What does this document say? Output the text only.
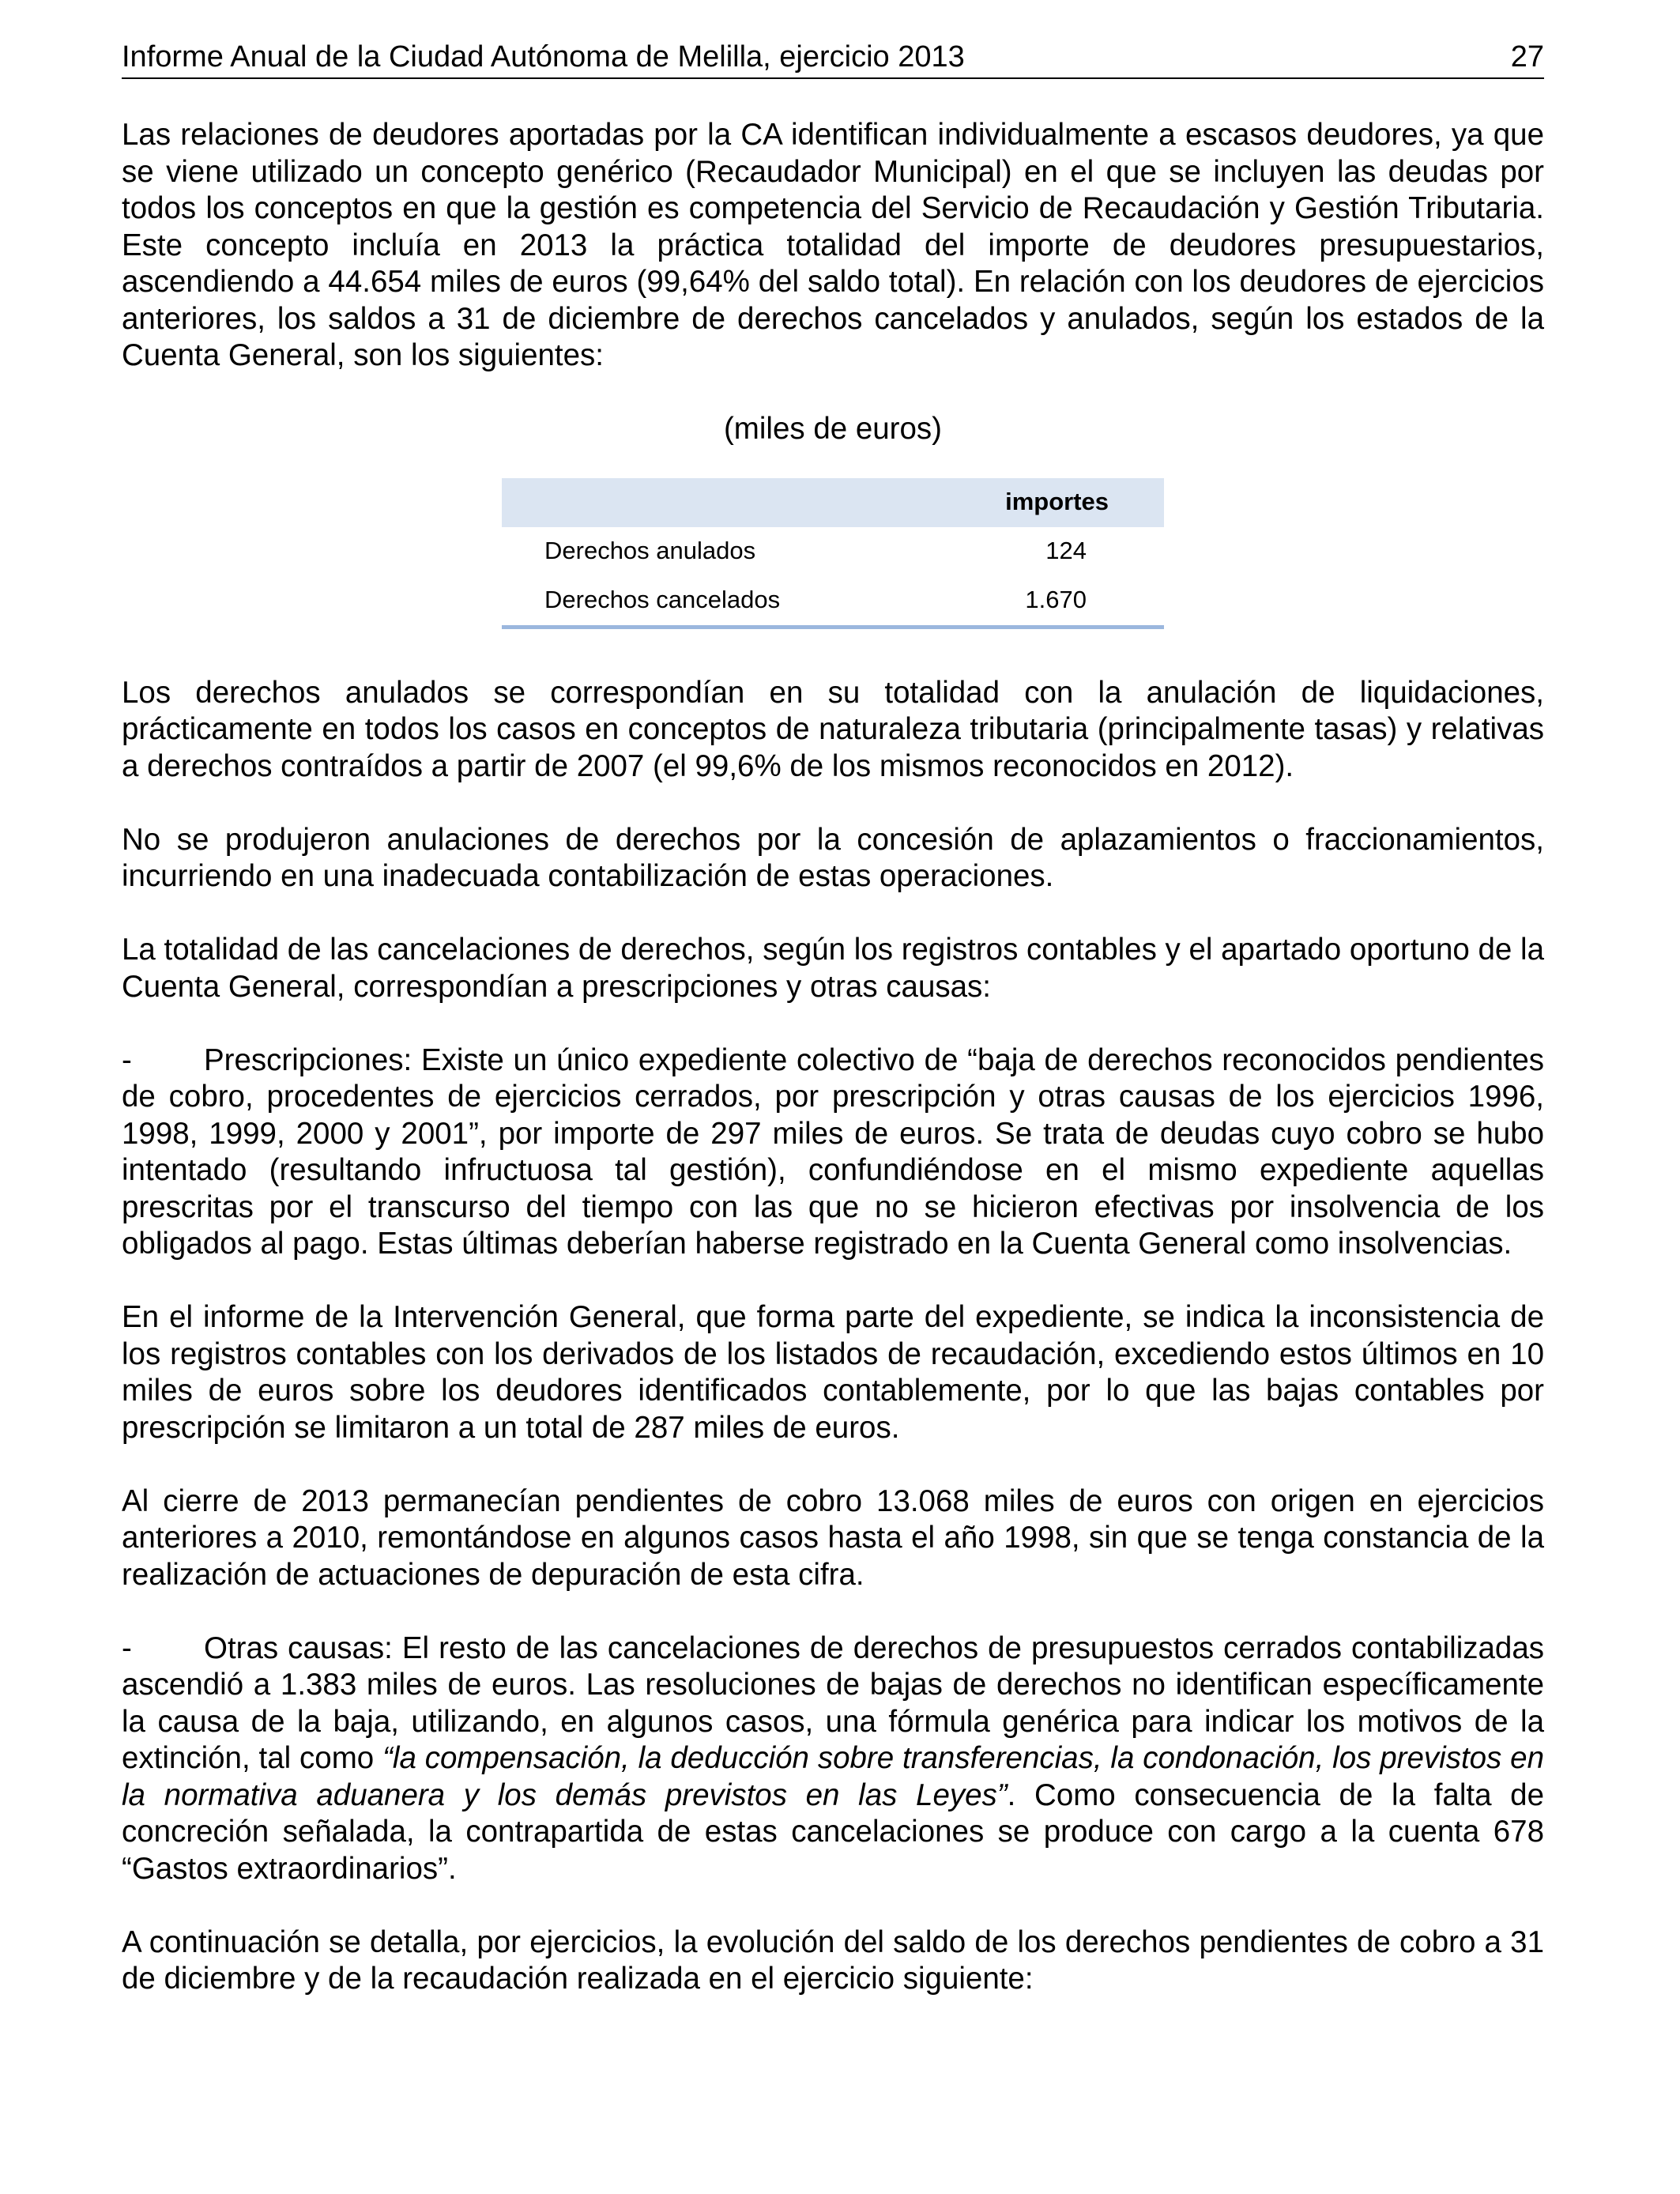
Informe Anual de la Ciudad Autónoma de Melilla, ejercicio 2013	27

Las relaciones de deudores aportadas por la CA identifican individualmente a escasos deudores, ya que se viene utilizado un concepto genérico (Recaudador Municipal) en el que se incluyen las deudas por todos los conceptos en que la gestión es competencia del Servicio de Recaudación y Gestión Tributaria. Este concepto incluía en 2013 la práctica totalidad del importe de deudores presupuestarios, ascendiendo a 44.654 miles de euros (99,64% del saldo total). En relación con los deudores de ejercicios anteriores, los saldos a 31 de diciembre de derechos cancelados y anulados, según los estados de la Cuenta General, son los siguientes:

(miles de euros)
	importes
Derechos anulados	124
Derechos cancelados	1.670

Los derechos anulados se correspondían en su totalidad con la anulación de liquidaciones, prácticamente en todos los casos en conceptos de naturaleza tributaria (principalmente tasas) y relativas a derechos contraídos a partir de 2007 (el 99,6% de los mismos reconocidos en 2012).

No se produjeron anulaciones de derechos por la concesión de aplazamientos o fraccionamientos, incurriendo en una inadecuada contabilización de estas operaciones.

La totalidad de las cancelaciones de derechos, según los registros contables y el apartado oportuno de la Cuenta General, correspondían a prescripciones y otras causas:

- Prescripciones: Existe un único expediente colectivo de “baja de derechos reconocidos pendientes de cobro, procedentes de ejercicios cerrados, por prescripción y otras causas de los ejercicios 1996, 1998, 1999, 2000 y 2001”, por importe de 297 miles de euros. Se trata de deudas cuyo cobro se hubo intentado (resultando infructuosa tal gestión), confundiéndose en el mismo expediente aquellas prescritas por el transcurso del tiempo con las que no se hicieron efectivas por insolvencia de los obligados al pago. Estas últimas deberían haberse registrado en la Cuenta General como insolvencias.

En el informe de la Intervención General, que forma parte del expediente, se indica la inconsistencia de los registros contables con los derivados de los listados de recaudación, excediendo estos últimos en 10 miles de euros sobre los deudores identificados contablemente, por lo que las bajas contables por prescripción se limitaron a un total de 287 miles de euros.

Al cierre de 2013 permanecían pendientes de cobro 13.068 miles de euros con origen en ejercicios anteriores a 2010, remontándose en algunos casos hasta el año 1998, sin que se tenga constancia de la realización de actuaciones de depuración de esta cifra.

- Otras causas: El resto de las cancelaciones de derechos de presupuestos cerrados contabilizadas ascendió a 1.383 miles de euros. Las resoluciones de bajas de derechos no identifican específicamente la causa de la baja, utilizando, en algunos casos, una fórmula genérica para indicar los motivos de la extinción, tal como “la compensación, la deducción sobre transferencias, la condonación, los previstos en la normativa aduanera y los demás previstos en las Leyes”. Como consecuencia de la falta de concreción señalada, la contrapartida de estas cancelaciones se produce con cargo a la cuenta 678 “Gastos extraordinarios”.

A continuación se detalla, por ejercicios, la evolución del saldo de los derechos pendientes de cobro a 31 de diciembre y de la recaudación realizada en el ejercicio siguiente:
